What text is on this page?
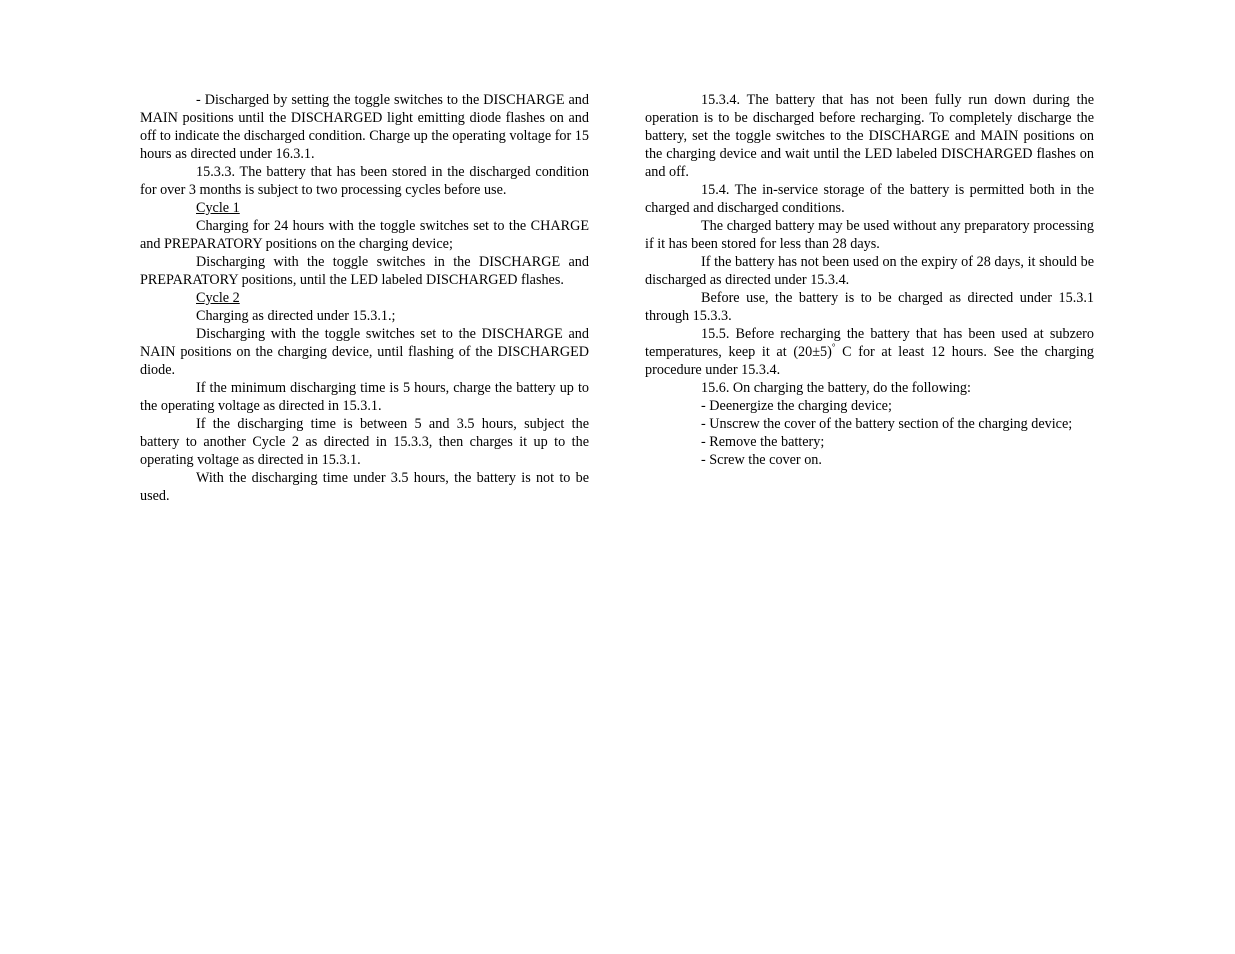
- Discharged by setting the toggle switches to the DISCHARGE and MAIN positions until the DISCHARGED light emitting diode flashes on and off to indicate the discharged condition. Charge up the operating voltage for 15 hours as directed under 16.3.1.

15.3.3. The battery that has been stored in the discharged condition for over 3 months is subject to two processing cycles before use.

Cycle 1

Charging for 24 hours with the toggle switches set to the CHARGE and PREPARATORY positions on the charging device;

Discharging with the toggle switches in the DISCHARGE and PREPARATORY positions, until the LED labeled DISCHARGED flashes.

Cycle 2

Charging as directed under 15.3.1.;

Discharging with the toggle switches set to the DISCHARGE and NAIN positions on the charging device, until flashing of the DISCHARGED diode.

If the minimum discharging time is 5 hours, charge the battery up to the operating voltage as directed in 15.3.1.

If the discharging time is between 5 and 3.5 hours, subject the battery to another Cycle 2 as directed in 15.3.3, then charges it up to the operating voltage as directed in 15.3.1.

With the discharging time under 3.5 hours, the battery is not to be used.

15.3.4. The battery that has not been fully run down during the operation is to be discharged before recharging. To completely discharge the battery, set the toggle switches to the DISCHARGE and MAIN positions on the charging device and wait until the LED labeled DISCHARGED flashes on and off.

15.4. The in-service storage of the battery is permitted both in the charged and discharged conditions.

The charged battery may be used without any preparatory processing if it has been stored for less than 28 days.

If the battery has not been used on the expiry of 28 days, it should be discharged as directed under 15.3.4.

Before use, the battery is to be charged as directed under 15.3.1 through 15.3.3.

15.5. Before recharging the battery that has been used at subzero temperatures, keep it at (20±5)° C for at least 12 hours. See the charging procedure under 15.3.4.

15.6. On charging the battery, do the following:

- Deenergize the charging device;

- Unscrew the cover of the battery section of the charging device;

- Remove the battery;

- Screw the cover on.
